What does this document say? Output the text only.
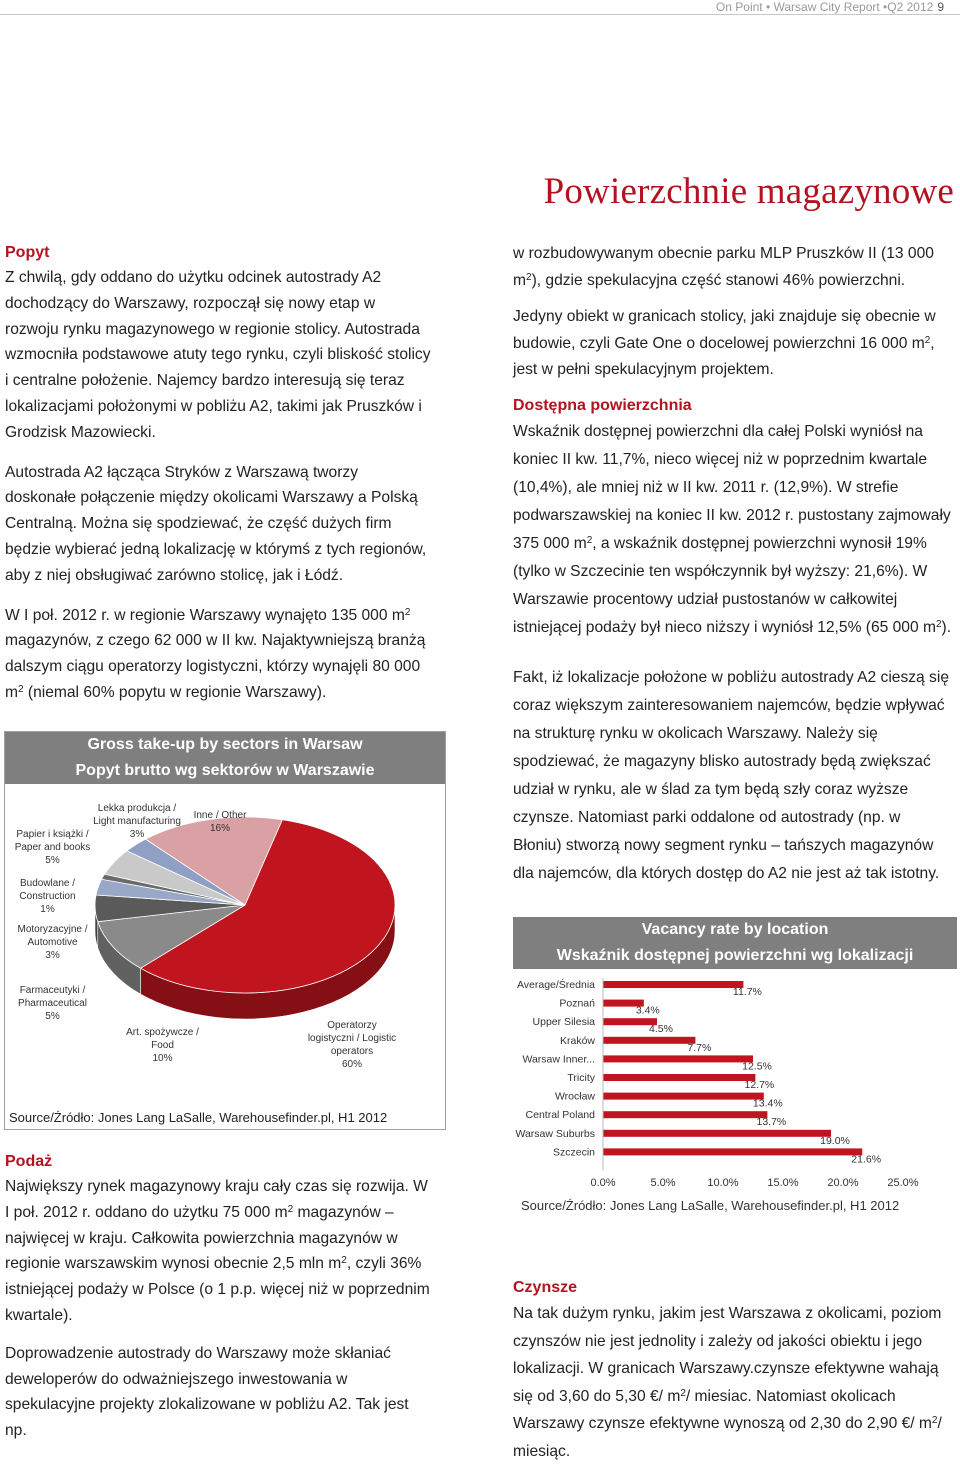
On Point • Warsaw City Report •Q2 2012 9
Powierzchnie magazynowe
Popyt

Z chwilą, gdy oddano do użytku odcinek autostrady A2 dochodzący do Warszawy, rozpoczął się nowy etap w rozwoju rynku magazynowego w regionie stolicy. Autostrada wzmocniła podstawowe atuty tego rynku, czyli bliskość stolicy i centralne położenie. Najemcy bardzo interesują się teraz lokalizacjami położonymi w pobliżu A2, takimi jak Pruszków i Grodzisk Mazowiecki.

Autostrada A2 łącząca Stryków z Warszawą tworzy doskonałe połączenie między okolicami Warszawy a Polską Centralną. Można się spodziewać, że część dużych firm będzie wybierać jedną lokalizację w którymś z tych regionów, aby z niej obsługiwać zarówno stolicę, jak i Łódź.

W I poł. 2012 r. w regionie Warszawy wynajęto 135 000 $m^2$ magazynów, z czego 62 000 w II kw. Najaktywniejszą branżą dalszym ciągu operatorzy logistyczni, którzy wynajęli 80 000 $m^2$ (niemal 60% popytu w regionie Warszawy).

Gross take-up by sectors in Warsaw
Popyt brutto wg sektorów w Warszawie
Lekka produkcja /
Light manufacturing
3%
Inne / Other
16%
Papier i książki /
Paper and books
5%
Budowlane /
Construction
1%
Motoryzacyjne /
Automotive
3%
Farmaceutyki /
Pharmaceutical
5%
Art. spożywcze /
Food
10%
Operatorzy
logistyczni / Logistic
operators
60%
Source/Źródło: Jones Lang LaSalle, Warehousefinder.pl, H1 2012
Podaż

Największy rynek magazynowy kraju cały czas się rozwija. W I poł. 2012 r. oddano do użytku 75 000 $m^2$ magazynów – najwięcej w kraju. Całkowita powierzchnia magazynów w regionie warszawskim wynosi obecnie 2,5 mln $m^2$, czyli 36% istniejącej podaży w Polsce (o 1 p.p. więcej niż w poprzednim kwartale).

Doprowadzenie autostrady do Warszawy może skłaniać deweloperów do odważniejszego inwestowania w spekulacyjne projekty zlokalizowane w pobliżu A2. Tak jest np.

w rozbudowywanym obecnie parku MLP Pruszków II (13 000 $m^2$), gdzie spekulacyjna część stanowi 46% powierzchni.

Jedyny obiekt w granicach stolicy, jaki znajduje się obecnie w budowie, czyli Gate One o docelowej powierzchni 16 000 $m^2$, jest w pełni spekulacyjnym projektem.

Dostępna powierzchnia

Wskaźnik dostępnej powierzchni dla całej Polski wyniósł na koniec II kw. 11,7%, nieco więcej niż w poprzednim kwartale (10,4%), ale mniej niż w II kw. 2011 r. (12,9%). W strefie podwarszawskiej na koniec II kw. 2012 r. pustostany zajmowały 375 000 $m^2$, a wskaźnik dostępnej powierzchni wynosił 19% (tylko w Szczecinie ten współczynnik był wyższy: 21,6%). W Warszawie procentowy udział pustostanów w całkowitej istniejącej podaży był nieco niższy i wyniósł 12,5% (65 000 $m^2$).

Fakt, iż lokalizacje położone w pobliżu autostrady A2 cieszą się coraz większym zainteresowaniem najemców, będzie wpływać na strukturę rynku w okolicach Warszawy. Należy się spodziewać, że magazyny blisko autostrady będą zwiększać udział w rynku, ale w ślad za tym będą szły coraz wyższe czynsze. Natomiast parki oddalone od autostrady (np. w Błoniu) stworzą nowy segment rynku – tańszych magazynów dla najemców, dla których dostęp do A2 nie jest aż tak istotny.

Vacancy rate by location
Wskaźnik dostępnej powierzchni wg lokalizacji
Average/Średnia
11.7%
Poznań
3.4%
Upper Silesia
4.5%
Kraków
7.7%
Warsaw Inner...
12.5%
Tricity
12.7%
Wrocław
13.4%
Central Poland
13.7%
Warsaw Suburbs
19.0%
Szczecin
21.6%
0.0%	5.0%	10.0%	15.0%	20.0%	25.0%
Source/Źródło: Jones Lang LaSalle, Warehousefinder.pl, H1 2012
Czynsze

Na tak dużym rynku, jakim jest Warszawa z okolicami, poziom czynszów nie jest jednolity i zależy od jakości obiektu i jego lokalizacji. W granicach Warszawy.czynsze efektywne wahają się od 3,60 do 5,30 €/ $m^2/$ miesiac. Natomiast okolicach Warszawy czynsze efektywne wynoszą od 2,30 do 2,90 €/ $m^2/$ miesiąc.
